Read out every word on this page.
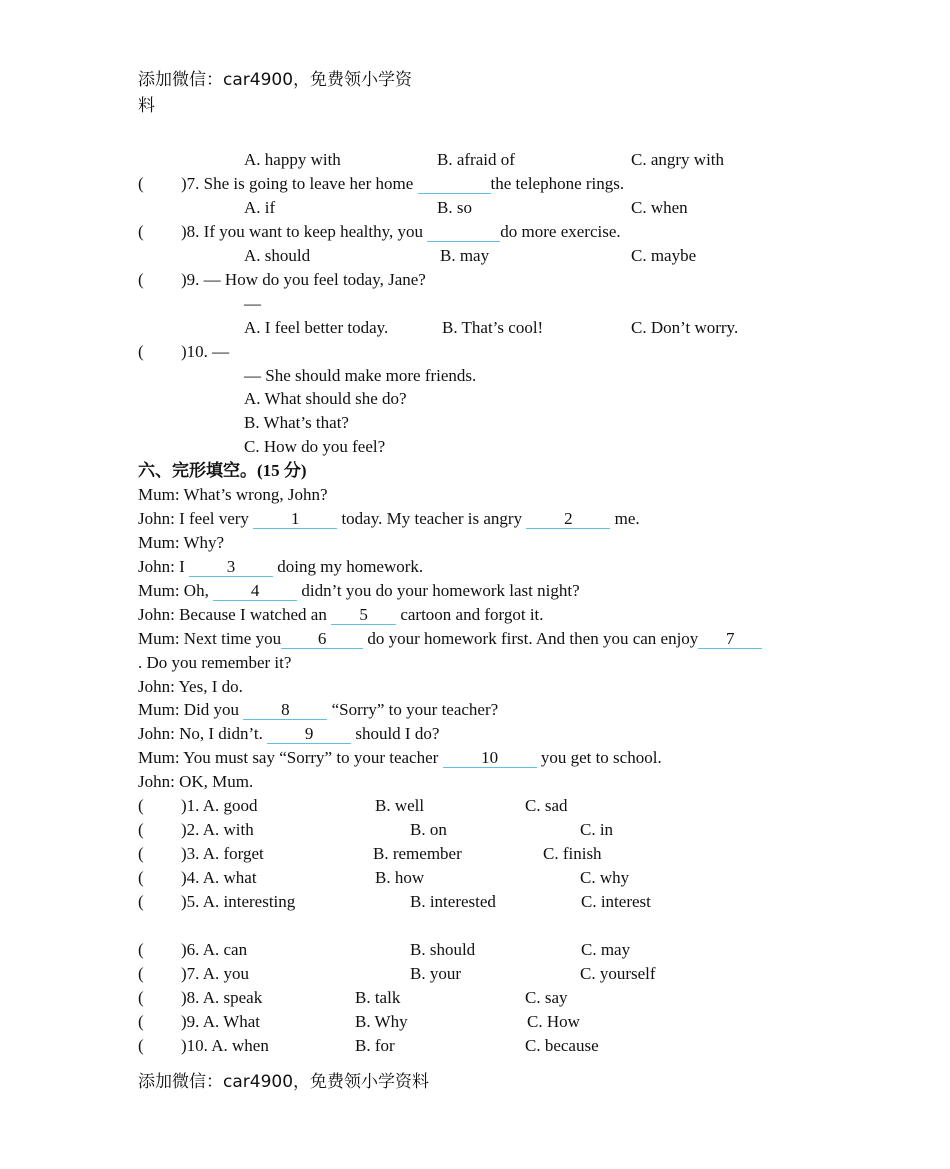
添加微信：car4900，免费领小学资
料
A. happy with	B. afraid of	C. angry with
( )7. She is going to leave her home	the telephone rings.
A. if	B. so	C. when
( )8. If you want to keep healthy, you	do more exercise.
A. should	B. may	C. maybe
( )9. — How do you feel today, Jane?
—
A. I feel better today.	B. That’s cool!	C. Don’t worry.
( )10. —
— She should make more friends.
A. What should she do?
B. What’s that?
C. How do you feel?
六、完形填空。(15 分)
Mum: What’s wrong, John?
John: I feel very 1 today. My teacher is angry 2 me.
Mum: Why?
John: I 3 doing my homework.
Mum: Oh, 4 didn’t you do your homework last night?
John: Because I watched an 5 cartoon and forgot it.
Mum: Next time you 6 do your homework first. And then you can enjoy 7
. Do you remember it?
John: Yes, I do.
Mum: Did you 8 “Sorry” to your teacher?
John: No, I didn’t. 9 should I do?
Mum: You must say “Sorry” to your teacher 10 you get to school.
John: OK, Mum.
( )1. A. good	B. well	C. sad
( )2. A. with	B. on	C. in
( )3. A. forget	B. remember	C. finish
( )4. A. what	B. how	C. why
( )5. A. interesting	B. interested	C. interest
( )6. A. can	B. should	C. may
( )7. A. you	B. your	C. yourself
( )8. A. speak	B. talk	C. say
( )9. A. What	B. Why	C. How
( )10. A. when	B. for	C. because
添加微信：car4900，免费领小学资料
